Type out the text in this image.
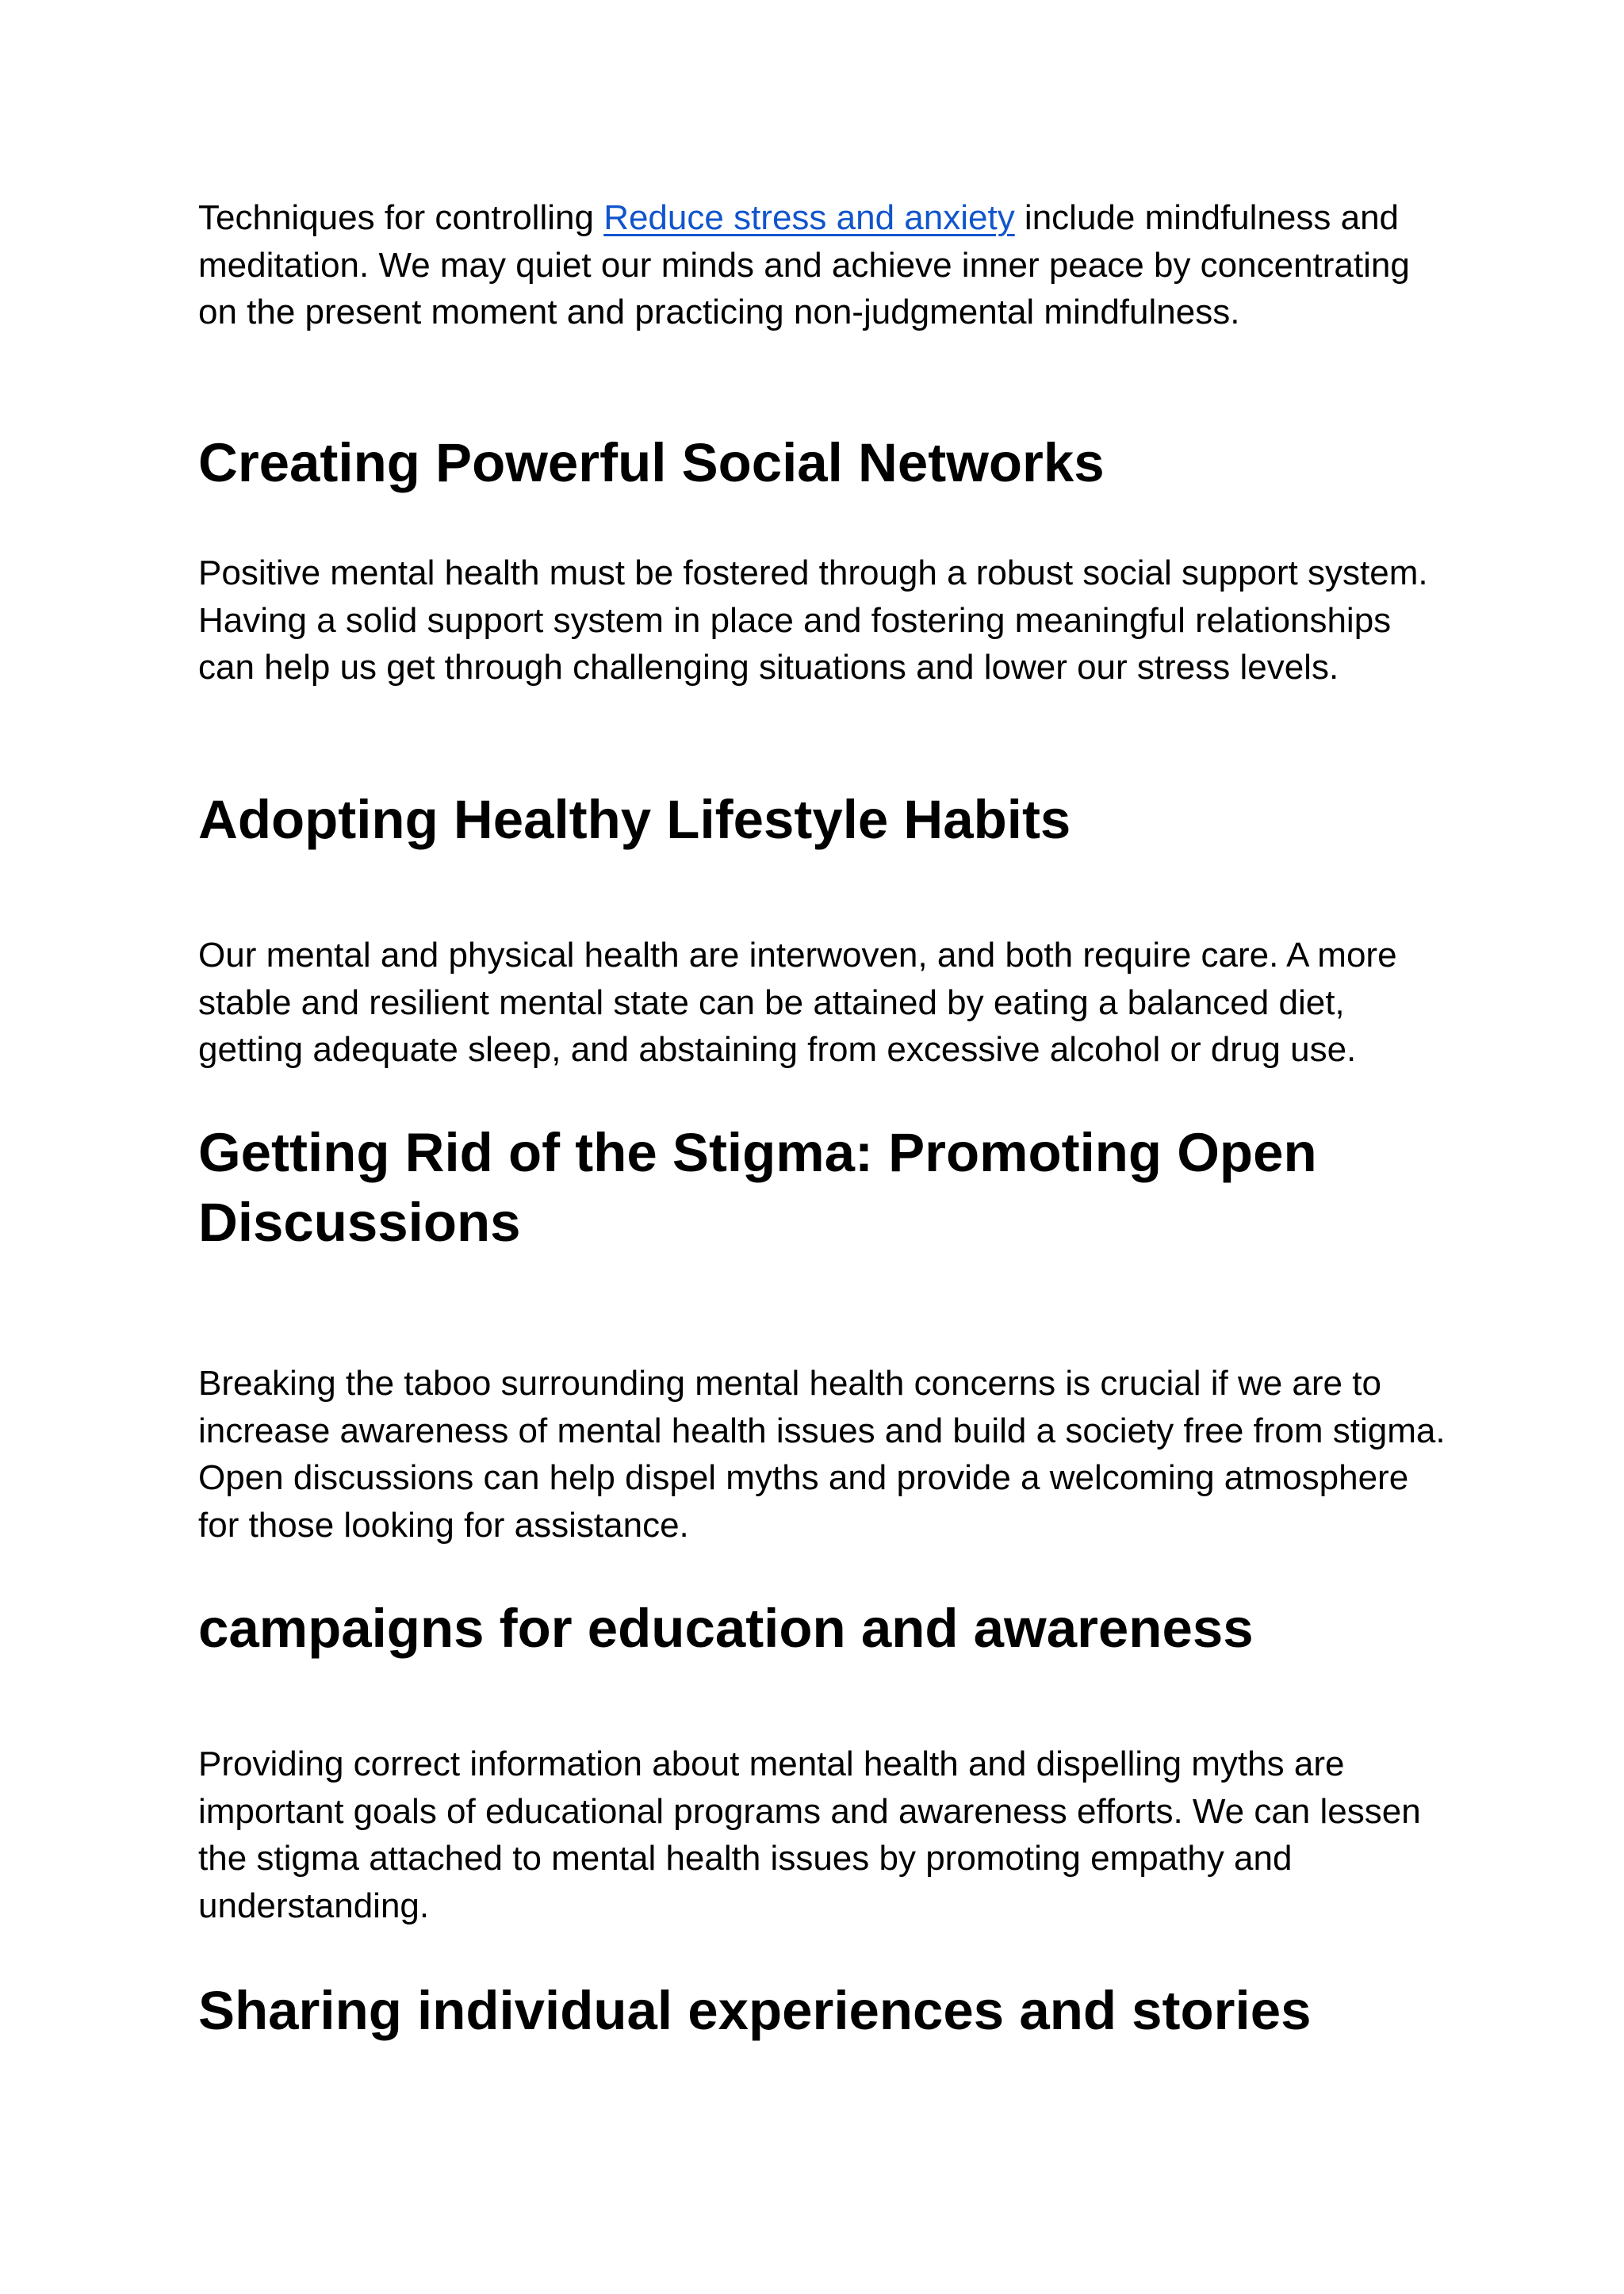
Techniques for controlling Reduce stress and anxiety include mindfulness and meditation. We may quiet our minds and achieve inner peace by concentrating on the present moment and practicing non-judgmental mindfulness.

Creating Powerful Social Networks

Positive mental health must be fostered through a robust social support system. Having a solid support system in place and fostering meaningful relationships can help us get through challenging situations and lower our stress levels.

Adopting Healthy Lifestyle Habits

Our mental and physical health are interwoven, and both require care. A more stable and resilient mental state can be attained by eating a balanced diet, getting adequate sleep, and abstaining from excessive alcohol or drug use.

Getting Rid of the Stigma: Promoting Open Discussions

Breaking the taboo surrounding mental health concerns is crucial if we are to increase awareness of mental health issues and build a society free from stigma. Open discussions can help dispel myths and provide a welcoming atmosphere for those looking for assistance.

campaigns for education and awareness

Providing correct information about mental health and dispelling myths are important goals of educational programs and awareness efforts. We can lessen the stigma attached to mental health issues by promoting empathy and understanding.

Sharing individual experiences and stories
